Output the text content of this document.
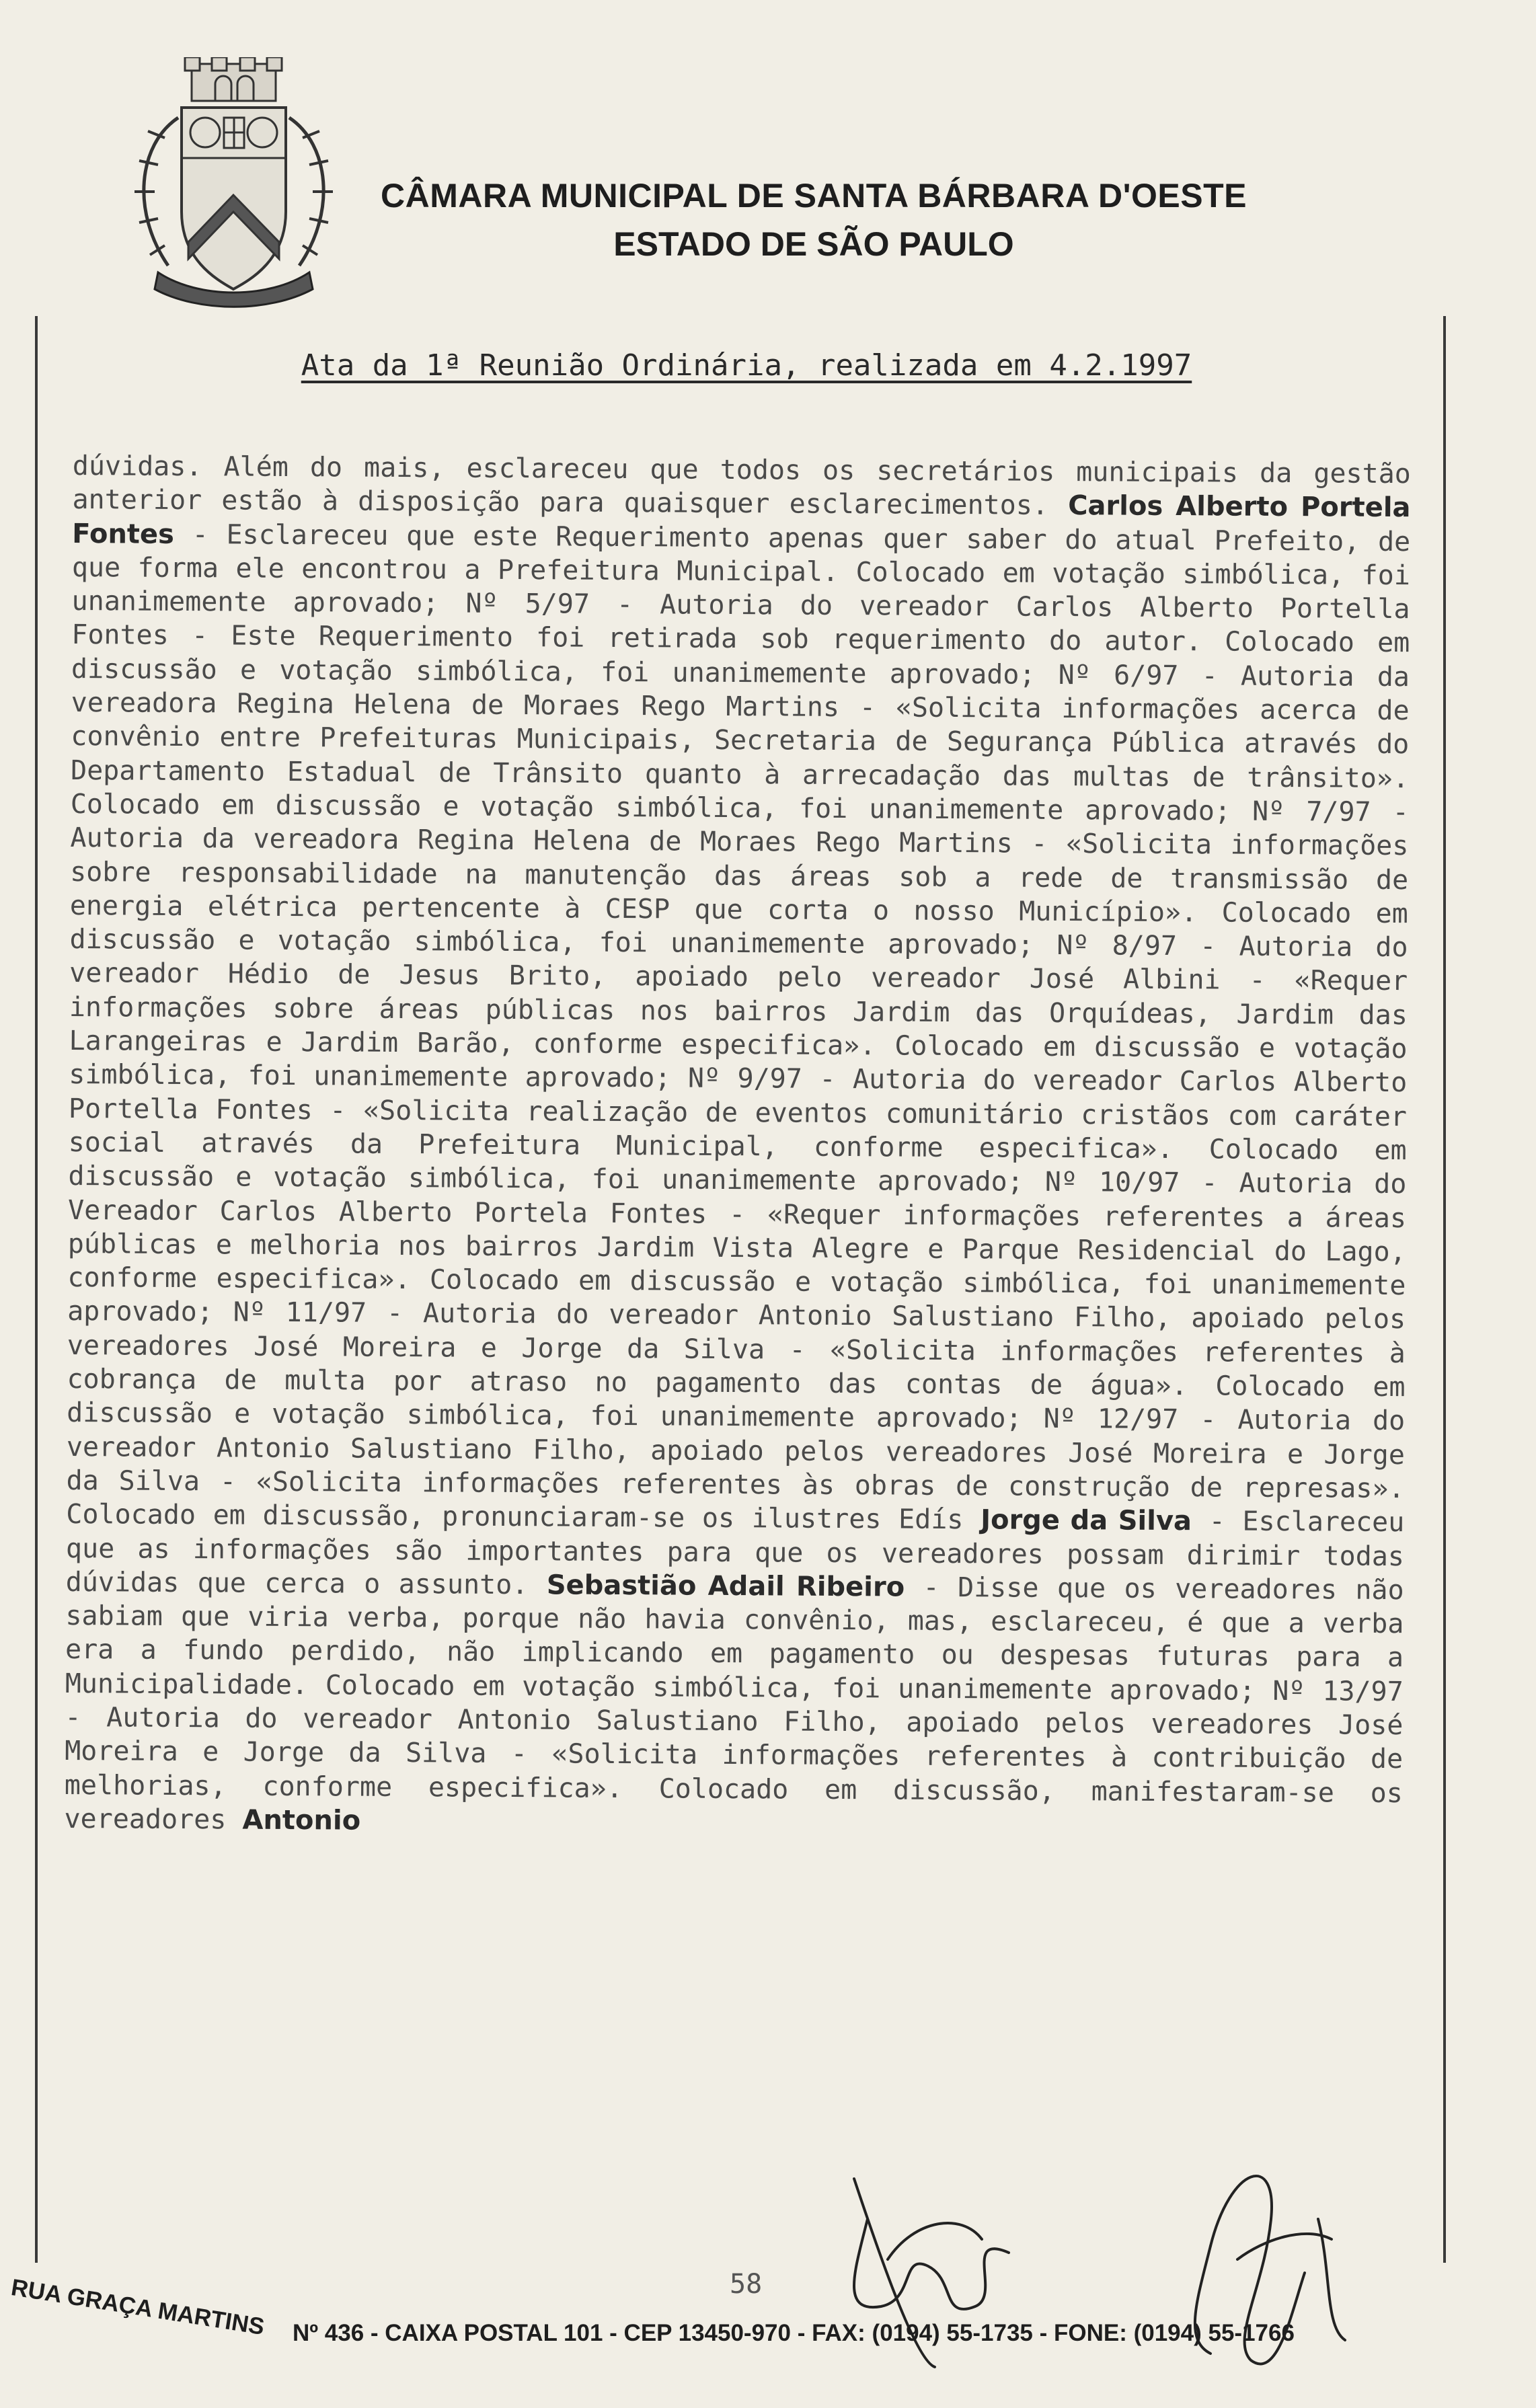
CÂMARA MUNICIPAL DE SANTA BÁRBARA D'OESTE
ESTADO DE SÃO PAULO
Ata da 1ª Reunião Ordinária, realizada em 4.2.1997
dúvidas. Além do mais, esclareceu que todos os secretários municipais da gestão anterior estão à disposição para quaisquer esclarecimentos. Carlos Alberto Portela Fontes - Esclareceu que este Requerimento apenas quer saber do atual Prefeito, de que forma ele encontrou a Prefeitura Municipal. Colocado em votação simbólica, foi unanimemente aprovado; Nº 5/97 - Autoria do vereador Carlos Alberto Portella Fontes - Este Requerimento foi retirada sob requerimento do autor. Colocado em discussão e votação simbólica, foi unanimemente aprovado; Nº 6/97 - Autoria da vereadora Regina Helena de Moraes Rego Martins - «Solicita informações acerca de convênio entre Prefeituras Municipais, Secretaria de Segurança Pública através do Departamento Estadual de Trânsito quanto à arrecadação das multas de trânsito». Colocado em discussão e votação simbólica, foi unanimemente aprovado; Nº 7/97 - Autoria da vereadora Regina Helena de Moraes Rego Martins - «Solicita informações sobre responsabilidade na manutenção das áreas sob a rede de transmissão de energia elétrica pertencente à CESP que corta o nosso Município». Colocado em discussão e votação simbólica, foi unanimemente aprovado; Nº 8/97 - Autoria do vereador Hédio de Jesus Brito, apoiado pelo vereador José Albini - «Requer informações sobre áreas públicas nos bairros Jardim das Orquídeas, Jardim das Larangeiras e Jardim Barão, conforme especifica». Colocado em discussão e votação simbólica, foi unanimemente aprovado; Nº 9/97 - Autoria do vereador Carlos Alberto Portella Fontes - «Solicita realização de eventos comunitário cristãos com caráter social através da Prefeitura Municipal, conforme especifica». Colocado em discussão e votação simbólica, foi unanimemente aprovado; Nº 10/97 - Autoria do Vereador Carlos Alberto Portela Fontes - «Requer informações referentes a áreas públicas e melhoria nos bairros Jardim Vista Alegre e Parque Residencial do Lago, conforme especifica». Colocado em discussão e votação simbólica, foi unanimemente aprovado; Nº 11/97 - Autoria do vereador Antonio Salustiano Filho, apoiado pelos vereadores José Moreira e Jorge da Silva - «Solicita informações referentes à cobrança de multa por atraso no pagamento das contas de água». Colocado em discussão e votação simbólica, foi unanimemente aprovado; Nº 12/97 - Autoria do vereador Antonio Salustiano Filho, apoiado pelos vereadores José Moreira e Jorge da Silva - «Solicita informações referentes às obras de construção de represas». Colocado em discussão, pronunciaram-se os ilustres Edís Jorge da Silva - Esclareceu que as informações são importantes para que os vereadores possam dirimir todas dúvidas que cerca o assunto. Sebastião Adail Ribeiro - Disse que os vereadores não sabiam que viria verba, porque não havia convênio, mas, esclareceu, é que a verba era a fundo perdido, não implicando em pagamento ou despesas futuras para a Municipalidade. Colocado em votação simbólica, foi unanimemente aprovado; Nº 13/97 - Autoria do vereador Antonio Salustiano Filho, apoiado pelos vereadores José Moreira e Jorge da Silva - «Solicita informações referentes à contribuição de melhorias, conforme especifica». Colocado em discussão, manifestaram-se os vereadores Antonio
58
RUA GRAÇA MARTINS Nº 436 - CAIXA POSTAL 101 - CEP 13450-970 - FAX: (0194) 55-1735 - FONE: (0194) 55-1766
